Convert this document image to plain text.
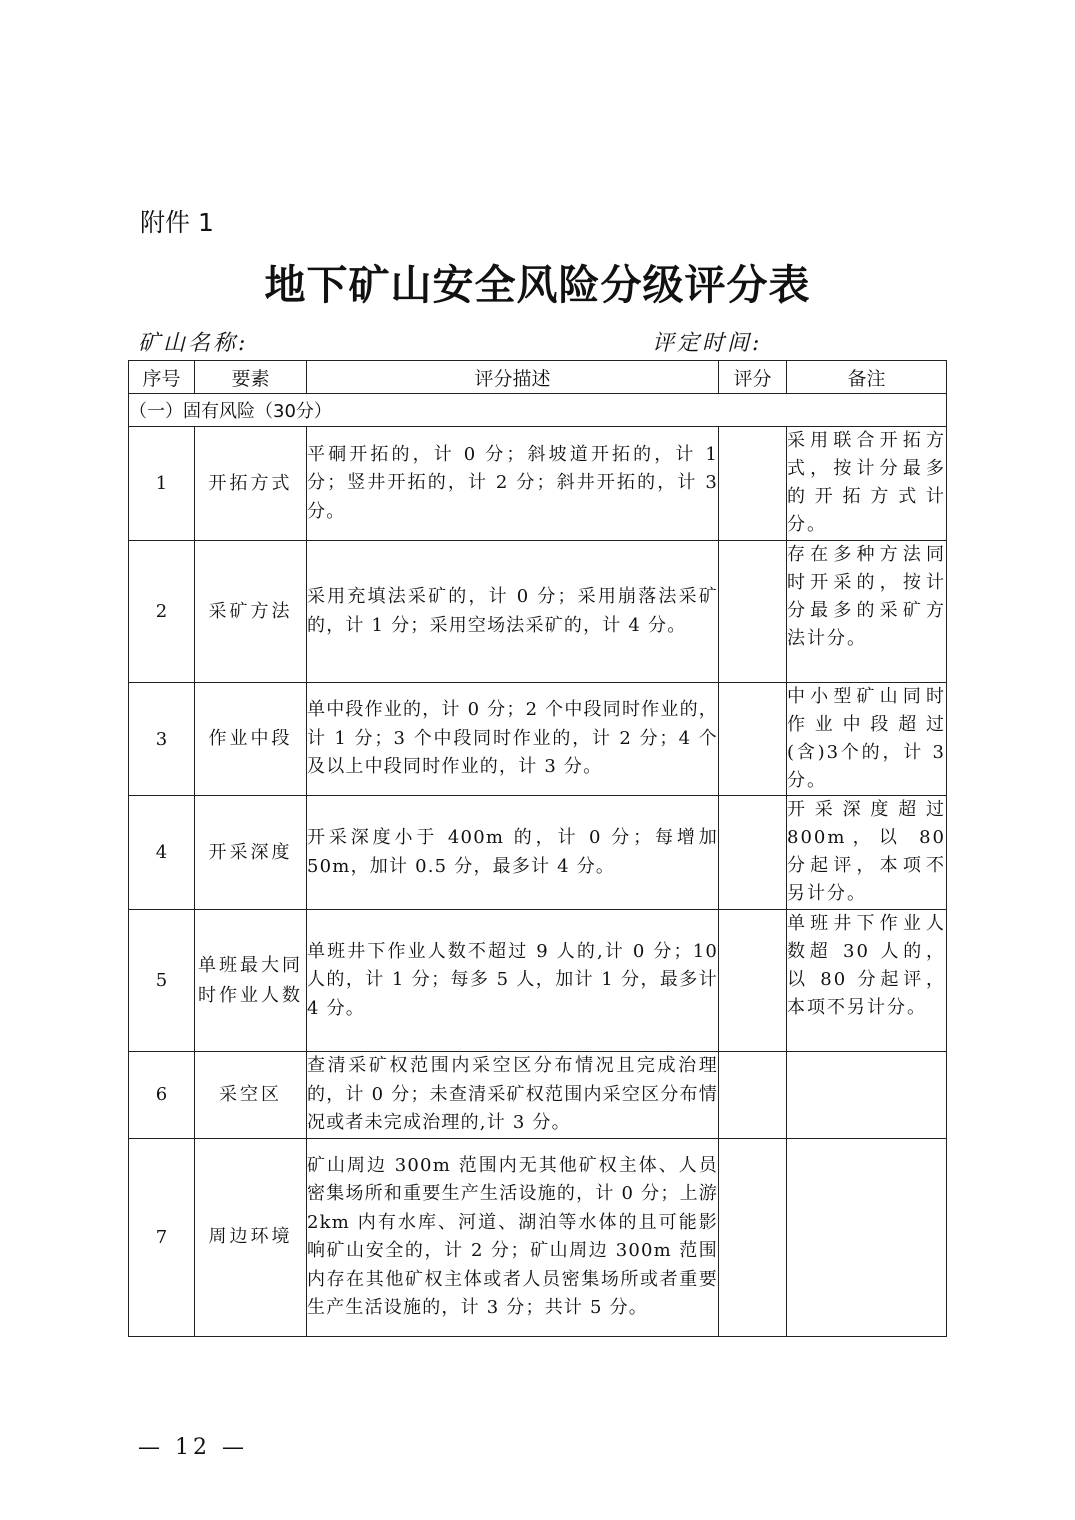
附件 1
地下矿山安全风险分级评分表
矿山名称:	评定时间:
序号	要素	评分描述	评分	备注
（一）固有风险（30分）				
1	开拓方式	平硐开拓的，计 0 分；斜坡道开拓的，计 1 分；竖井开拓的，计 2 分；斜井开拓的，计 3 分。		采用联合开拓方式，按计分最多的开拓方式计分。
2	采矿方法	采用充填法采矿的，计 0 分；采用崩落法采矿的，计 1 分；采用空场法采矿的，计 4 分。		存在多种方法同时开采的，按计分最多的采矿方法计分。
3	作业中段	单中段作业的，计 0 分；2 个中段同时作业的，计 1 分；3 个中段同时作业的，计 2 分；4 个及以上中段同时作业的，计 3 分。		中小型矿山同时作业中段超过(含)3个的，计 3 分。
4	开采深度	开采深度小于 400m 的，计 0 分；每增加 50m，加计 0.5 分，最多计 4 分。		开采深度超过800m，以 80 分起评，本项不另计分。
5	单班最大同时作业人数	单班井下作业人数不超过 9 人的,计 0 分；10 人的，计 1 分；每多 5 人，加计 1 分，最多计 4 分。		单班井下作业人数超 30 人的，以 80 分起评，本项不另计分。
6	采空区	查清采矿权范围内采空区分布情况且完成治理的，计 0 分；未查清采矿权范围内采空区分布情况或者未完成治理的,计 3 分。		
7	周边环境	矿山周边 300m 范围内无其他矿权主体、人员密集场所和重要生产生活设施的，计 0 分；上游 2km 内有水库、河道、湖泊等水体的且可能影响矿山安全的，计 2 分；矿山周边 300m 范围内存在其他矿权主体或者人员密集场所或者重要生产生活设施的，计 3 分；共计 5 分。		
— 12 —
